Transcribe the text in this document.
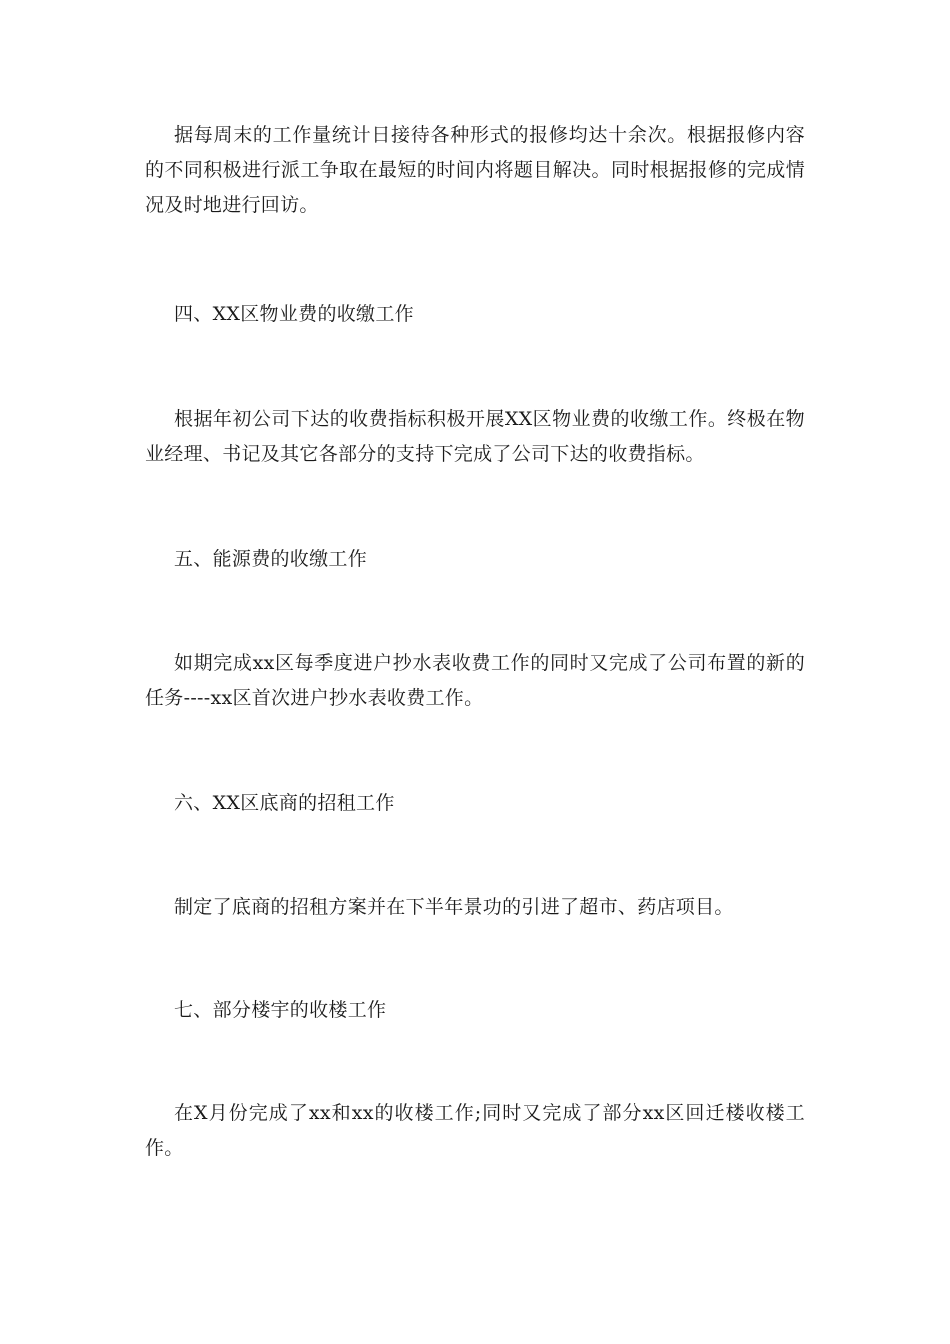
据每周末的工作量统计日接待各种形式的报修均达十余次。根据报修内容的不同积极进行派工争取在最短的时间内将题目解决。同时根据报修的完成情况及时地进行回访。

四、XX区物业费的收缴工作

根据年初公司下达的收费指标积极开展XX区物业费的收缴工作。终极在物业经理、书记及其它各部分的支持下完成了公司下达的收费指标。

五、能源费的收缴工作

如期完成xx区每季度进户抄水表收费工作的同时又完成了公司布置的新的任务----xx区首次进户抄水表收费工作。

六、XX区底商的招租工作

制定了底商的招租方案并在下半年景功的引进了超市、药店项目。

七、部分楼宇的收楼工作

在X月份完成了xx和xx的收楼工作;同时又完成了部分xx区回迁楼收楼工作。
